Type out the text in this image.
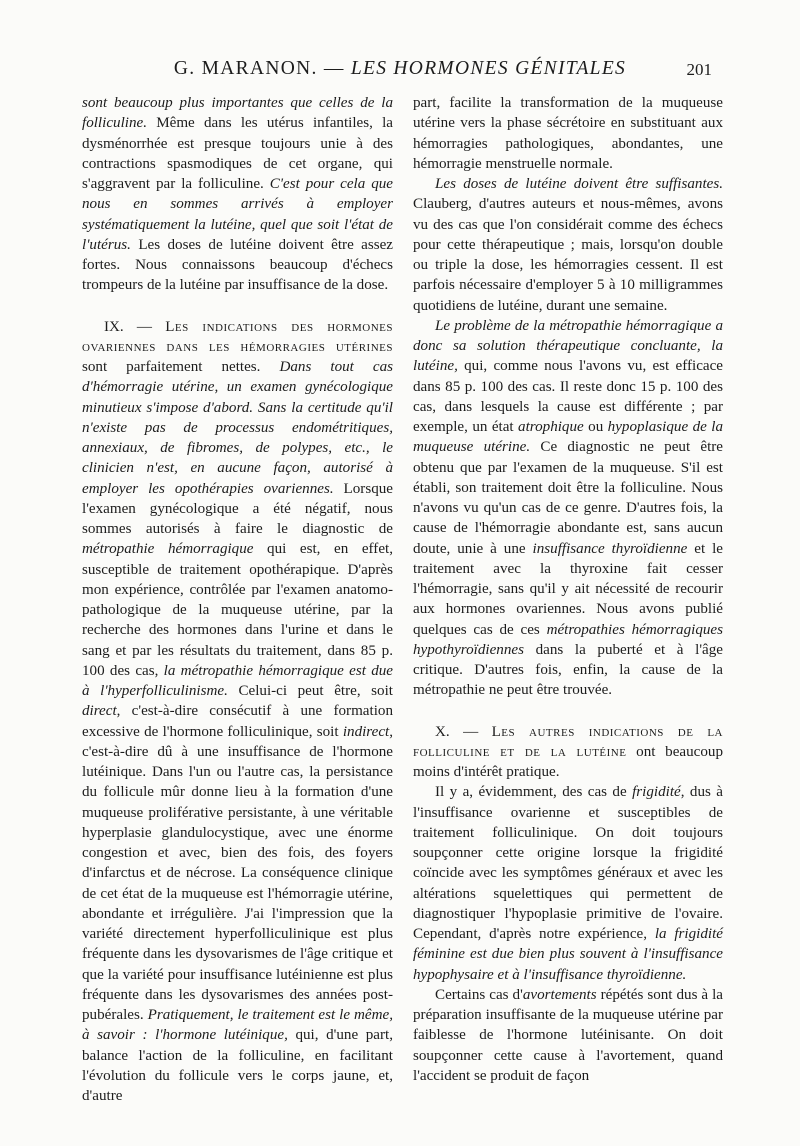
G. MARANON. — LES HORMONES GÉNITALES	201

sont beaucoup plus importantes que celles de la folliculine. Même dans les utérus infantiles, la dysménorrhée est presque toujours unie à des contractions spasmodiques de cet organe, qui s'aggravent par la folliculine. C'est pour cela que nous en sommes arrivés à employer systématiquement la lutéine, quel que soit l'état de l'utérus. Les doses de lutéine doivent être assez fortes. Nous connaissons beaucoup d'échecs trompeurs de la lutéine par insuffisance de la dose.

IX. — Les indications des hormones ovariennes dans les hémorragies utérines sont parfaitement nettes. Dans tout cas d'hémorragie utérine, un examen gynécologique minutieux s'impose d'abord. Sans la certitude qu'il n'existe pas de processus endométritiques, annexiaux, de fibromes, de polypes, etc., le clinicien n'est, en aucune façon, autorisé à employer les opothérapies ovariennes. Lorsque l'examen gynécologique a été négatif, nous sommes autorisés à faire le diagnostic de métropathie hémorragique qui est, en effet, susceptible de traitement opothérapique. D'après mon expérience, contrôlée par l'examen anatomo-pathologique de la muqueuse utérine, par la recherche des hormones dans l'urine et dans le sang et par les résultats du traitement, dans 85 p. 100 des cas, la métropathie hémorragique est due à l'hyperfolliculinisme. Celui-ci peut être, soit direct, c'est-à-dire consécutif à une formation excessive de l'hormone folliculinique, soit indirect, c'est-à-dire dû à une insuffisance de l'hormone lutéinique. Dans l'un ou l'autre cas, la persistance du follicule mûr donne lieu à la formation d'une muqueuse proliférative persistante, à une véritable hyperplasie glandulocystique, avec une énorme congestion et avec, bien des fois, des foyers d'infarctus et de nécrose. La conséquence clinique de cet état de la muqueuse est l'hémorragie utérine, abondante et irrégulière. J'ai l'impression que la variété directement hyperfolliculinique est plus fréquente dans les dysovarismes de l'âge critique et que la variété pour insuffisance lutéinienne est plus fréquente dans les dysovarismes des années post-pubérales. Pratiquement, le traitement est le même, à savoir : l'hormone lutéinique, qui, d'une part, balance l'action de la folliculine, en facilitant l'évolution du follicule vers le corps jaune, et, d'autre

part, facilite la transformation de la muqueuse utérine vers la phase sécrétoire en substituant aux hémorragies pathologiques, abondantes, une hémorragie menstruelle normale.

Les doses de lutéine doivent être suffisantes. Clauberg, d'autres auteurs et nous-mêmes, avons vu des cas que l'on considérait comme des échecs pour cette thérapeutique ; mais, lorsqu'on double ou triple la dose, les hémorragies cessent. Il est parfois nécessaire d'employer 5 à 10 milligrammes quotidiens de lutéine, durant une semaine.

Le problème de la métropathie hémorragique a donc sa solution thérapeutique concluante, la lutéine, qui, comme nous l'avons vu, est efficace dans 85 p. 100 des cas. Il reste donc 15 p. 100 des cas, dans lesquels la cause est différente ; par exemple, un état atrophique ou hypoplasique de la muqueuse utérine. Ce diagnostic ne peut être obtenu que par l'examen de la muqueuse. S'il est établi, son traitement doit être la folliculine. Nous n'avons vu qu'un cas de ce genre. D'autres fois, la cause de l'hémorragie abondante est, sans aucun doute, unie à une insuffisance thyroïdienne et le traitement avec la thyroxine fait cesser l'hémorragie, sans qu'il y ait nécessité de recourir aux hormones ovariennes. Nous avons publié quelques cas de ces métropathies hémorragiques hypothyroïdiennes dans la puberté et à l'âge critique. D'autres fois, enfin, la cause de la métropathie ne peut être trouvée.

X. — Les autres indications de la folliculine et de la lutéine ont beaucoup moins d'intérêt pratique.

Il y a, évidemment, des cas de frigidité, dus à l'insuffisance ovarienne et susceptibles de traitement folliculinique. On doit toujours soupçonner cette origine lorsque la frigidité coïncide avec les symptômes généraux et avec les altérations squelettiques qui permettent de diagnostiquer l'hypoplasie primitive de l'ovaire. Cependant, d'après notre expérience, la frigidité féminine est due bien plus souvent à l'insuffisance hypophysaire et à l'insuffisance thyroïdienne.

Certains cas d'avortements répétés sont dus à la préparation insuffisante de la muqueuse utérine par faiblesse de l'hormone lutéinisante. On doit soupçonner cette cause à l'avortement, quand l'accident se produit de façon
